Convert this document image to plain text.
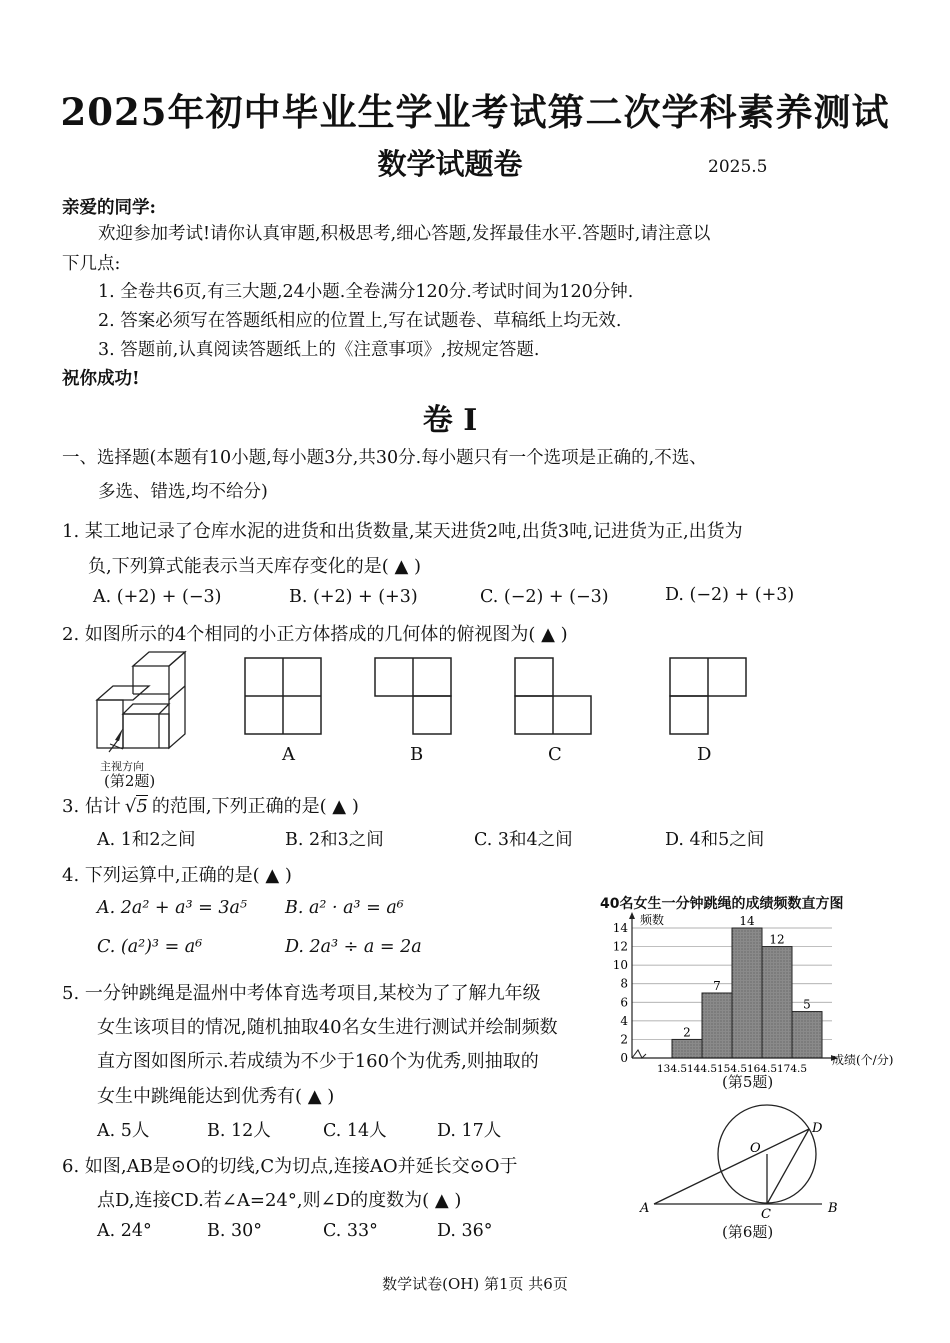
2025年初中毕业生学业考试第二次学科素养测试
数学试题卷	2025.5
亲爱的同学:
欢迎参加考试!请你认真审题,积极思考,细心答题,发挥最佳水平.答题时,请注意以
下几点:
1. 全卷共6页,有三大题,24小题.全卷满分120分.考试时间为120分钟.
2. 答案必须写在答题纸相应的位置上,写在试题卷、草稿纸上均无效.
3. 答题前,认真阅读答题纸上的《注意事项》,按规定答题.
祝你成功!
卷 I
一、选择题(本题有10小题,每小题3分,共30分.每小题只有一个选项是正确的,不选、
多选、错选,均不给分)
1. 某工地记录了仓库水泥的进货和出货数量,某天进货2吨,出货3吨,记进货为正,出货为
负,下列算式能表示当天库存变化的是( ▲ )
A. (+2) + (−3)	B. (+2) + (+3)	C. (−2) + (−3)	D. (−2) + (+3)
2. 如图所示的4个相同的小正方体搭成的几何体的俯视图为( ▲ )
主视方向
(第2题)
A	B	C	D
3. 估计 √5 的范围,下列正确的是( ▲ )
A. 1和2之间	B. 2和3之间	C. 3和4之间	D. 4和5之间
4. 下列运算中,正确的是( ▲ )
A. 2a² + a³ = 3a⁵ B. a² · a³ = a⁶
C. (a²)³ = a⁶	D. 2a³ ÷ a = 2a
5. 一分钟跳绳是温州中考体育选考项目,某校为了了解九年级
女生该项目的情况,随机抽取40名女生进行测试并绘制频数
直方图如图所示.若成绩为不少于160个为优秀,则抽取的
女生中跳绳能达到优秀有( ▲ )
A. 5人	B. 12人	C. 14人	D. 17人
40名女生一分钟跳绳的成绩频数直方图
0
2
4
6
8
10
12
14
2
7
14
12
5
134.5 144.5 154.5 164.5 174.5
频数
成绩(个/分)
(第5题)
6. 如图,AB是⊙O的切线,C为切点,连接AO并延长交⊙O于
点D,连接CD.若∠A=24°,则∠D的度数为( ▲ )
A. 24°	B. 30°	C. 33°	D. 36°
A	B
C
D
O
(第6题)
数学试卷(OH) 第1页 共6页
